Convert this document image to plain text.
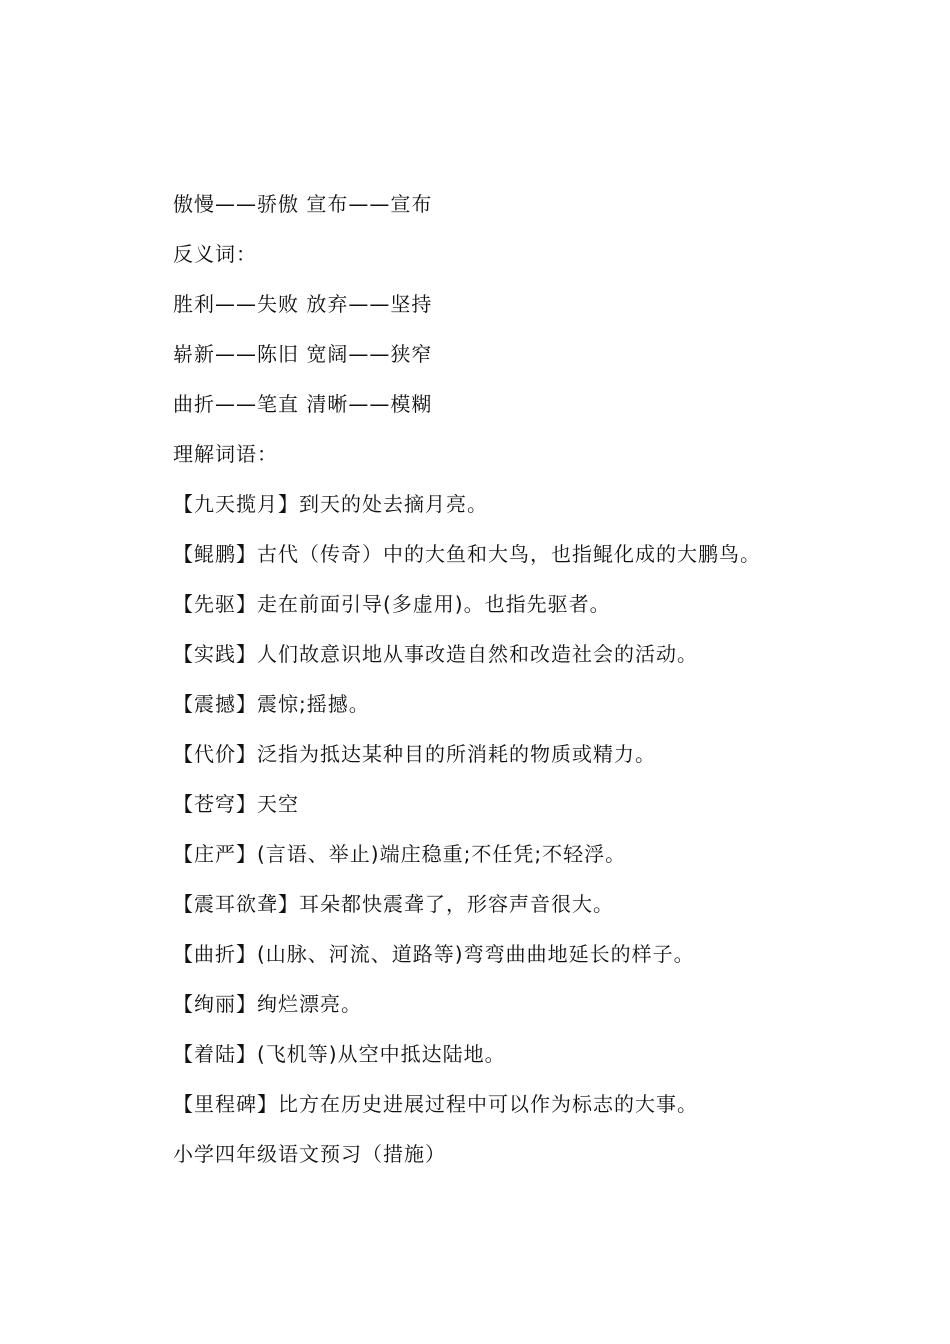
傲慢——骄傲 宣布——宣布
反义词：
胜利——失败 放弃——坚持
崭新——陈旧 宽阔——狭窄
曲折——笔直 清晰——模糊
理解词语：
【九天揽月】到天的处去摘月亮。
【鲲鹏】古代（传奇）中的大鱼和大鸟，也指鲲化成的大鹏鸟。
【先驱】走在前面引导(多虚用)。也指先驱者。
【实践】人们故意识地从事改造自然和改造社会的活动。
【震撼】震惊;摇撼。
【代价】泛指为抵达某种目的所消耗的物质或精力。
【苍穹】天空
【庄严】(言语、举止)端庄稳重;不任凭;不轻浮。
【震耳欲聋】耳朵都快震聋了，形容声音很大。
【曲折】(山脉、河流、道路等)弯弯曲曲地延长的样子。
【绚丽】绚烂漂亮。
【着陆】(飞机等)从空中抵达陆地。
【里程碑】比方在历史进展过程中可以作为标志的大事。
小学四年级语文预习（措施）
